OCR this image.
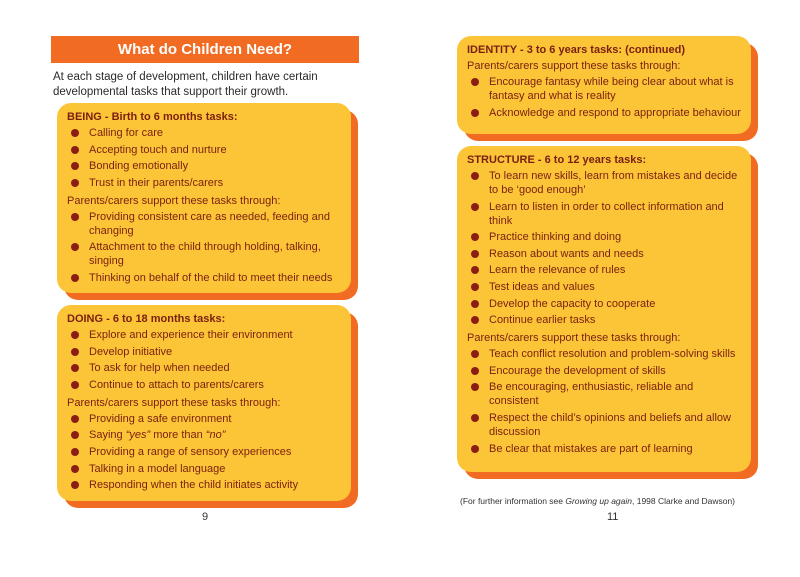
What do Children Need?
At each stage of development, children have certain developmental tasks that support their growth.
BEING - Birth to 6 months tasks:
Calling for care
Accepting touch and nurture
Bonding emotionally
Trust in their parents/carers
Parents/carers support these tasks through:
Providing consistent care as needed, feeding and changing
Attachment to the child through holding, talking, singing
Thinking on behalf of the child to meet their needs
DOING - 6 to 18 months tasks:
Explore and experience their environment
Develop initiative
To ask for help when needed
Continue to attach to parents/carers
Parents/carers support these tasks through:
Providing a safe environment
Saying “yes” more than “no”
Providing a range of sensory experiences
Talking in a model language
Responding when the child initiates activity
9
IDENTITY - 3 to 6 years tasks: (continued)
Parents/carers support these tasks through:
Encourage fantasy while being clear about what is fantasy and what is reality
Acknowledge and respond to appropriate behaviour
STRUCTURE - 6 to 12 years tasks:
To learn new skills, learn from mistakes and decide to be ‘good enough’
Learn to listen in order to collect information and think
Practice thinking and doing
Reason about wants and needs
Learn the relevance of rules
Test ideas and values
Develop the capacity to cooperate
Continue earlier tasks
Parents/carers support these tasks through:
Teach conflict resolution and problem-solving skills
Encourage the development of skills
Be encouraging, enthusiastic, reliable and consistent
Respect the child’s opinions and beliefs and allow discussion
Be clear that mistakes are part of learning
(For further information see Growing up again, 1998 Clarke and Dawson)
11
